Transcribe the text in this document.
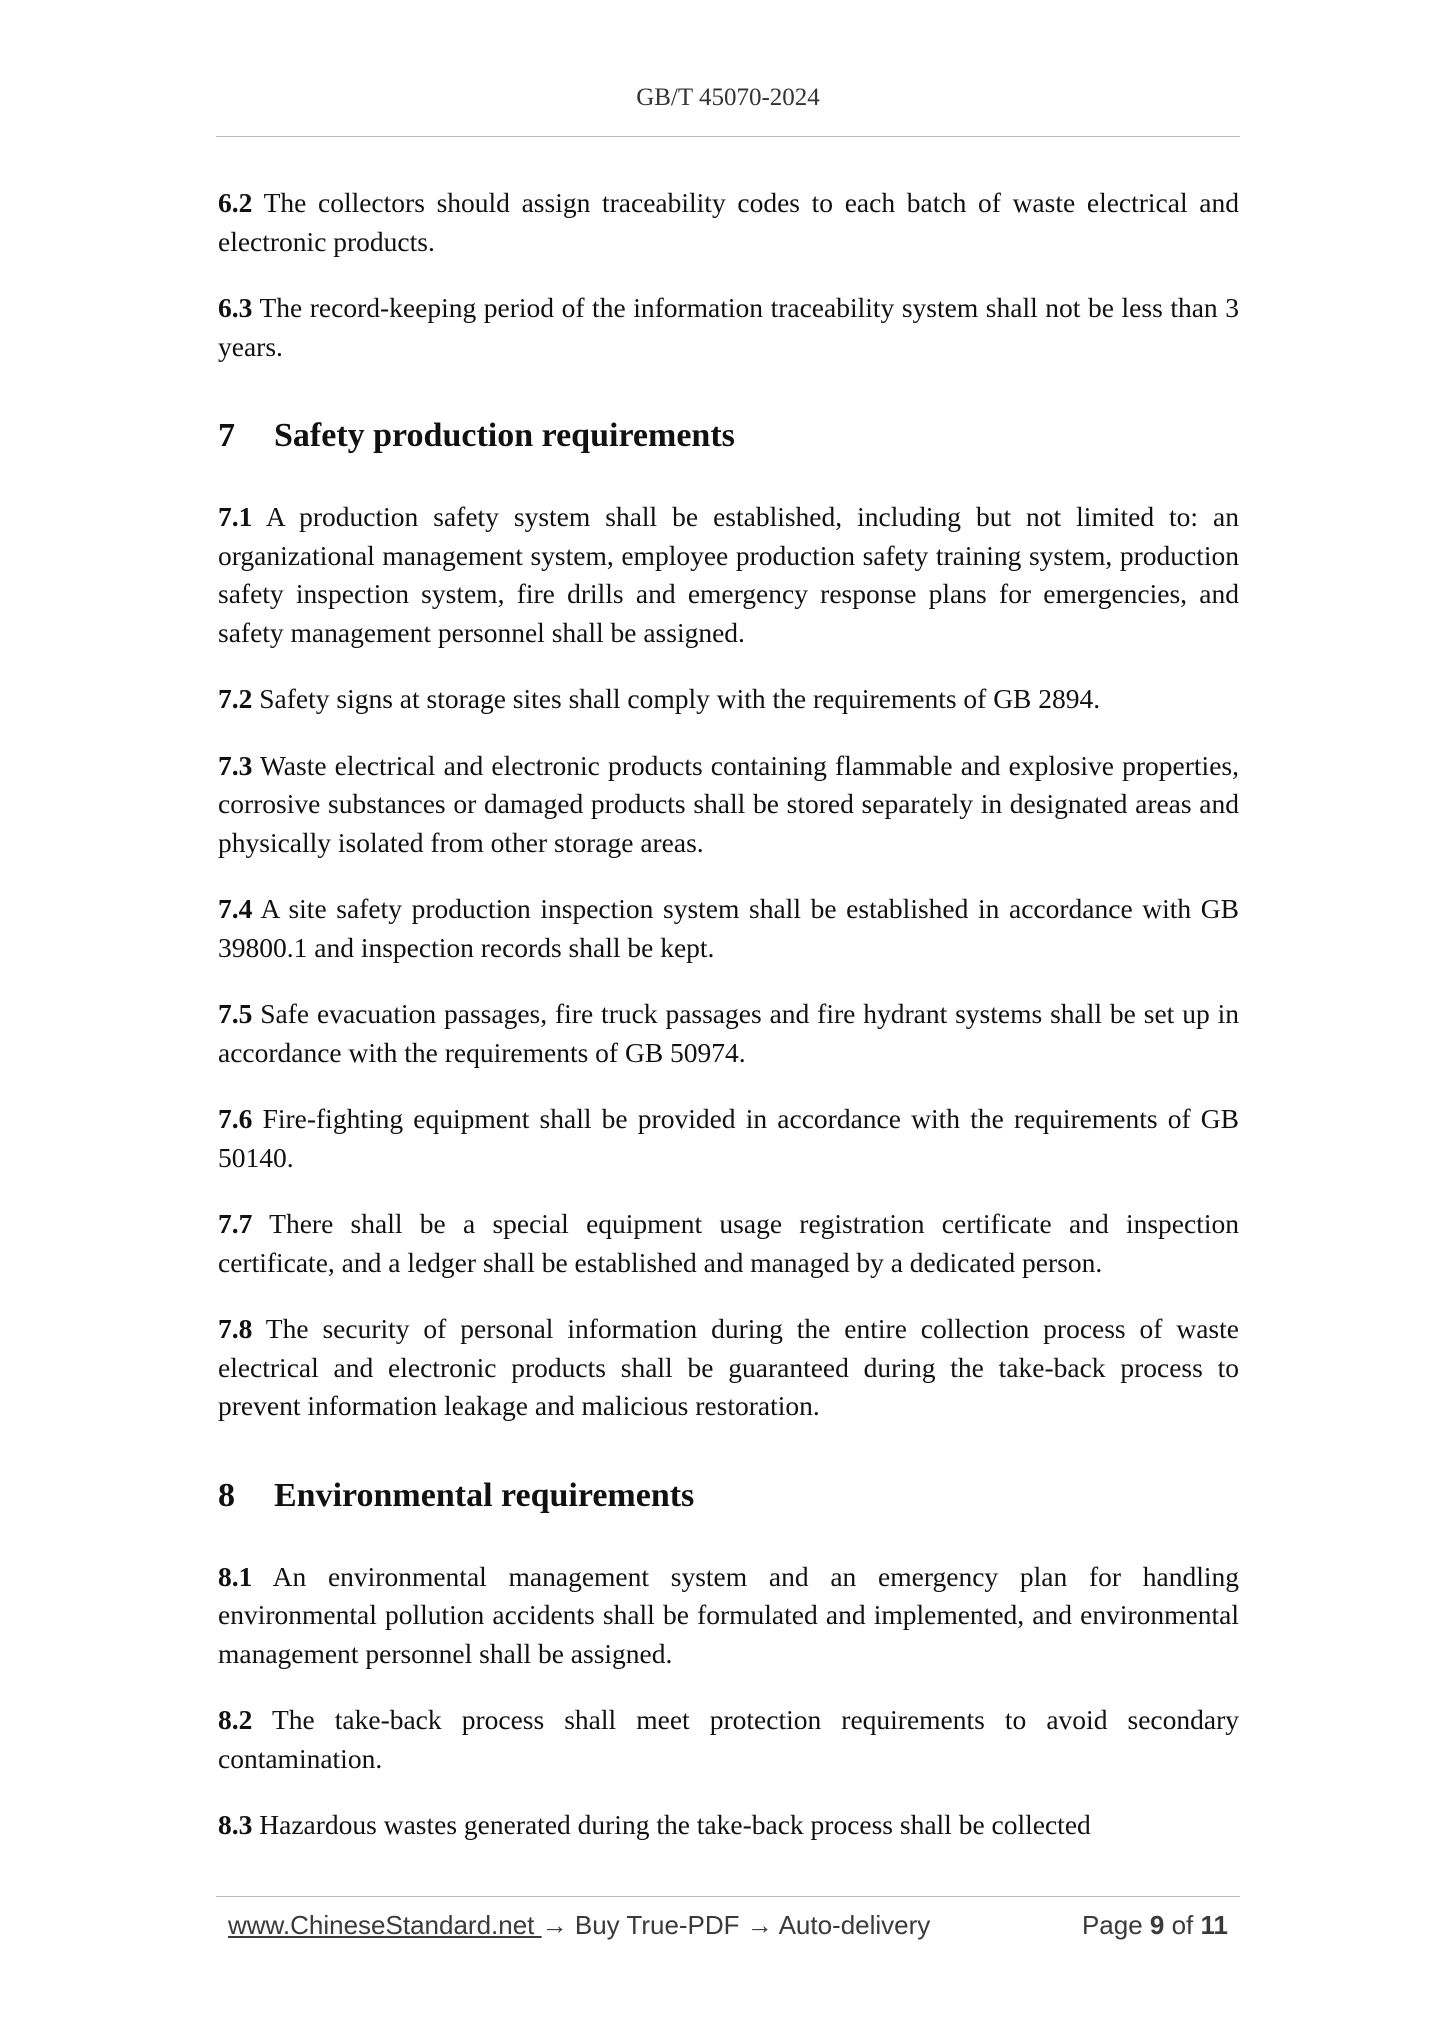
GB/T 45070-2024

6.2 The collectors should assign traceability codes to each batch of waste electrical and electronic products.

6.3 The record-keeping period of the information traceability system shall not be less than 3 years.

7 Safety production requirements

7.1 A production safety system shall be established, including but not limited to: an organizational management system, employee production safety training system, production safety inspection system, fire drills and emergency response plans for emergencies, and safety management personnel shall be assigned.

7.2 Safety signs at storage sites shall comply with the requirements of GB 2894.

7.3 Waste electrical and electronic products containing flammable and explosive properties, corrosive substances or damaged products shall be stored separately in designated areas and physically isolated from other storage areas.

7.4 A site safety production inspection system shall be established in accordance with GB 39800.1 and inspection records shall be kept.

7.5 Safe evacuation passages, fire truck passages and fire hydrant systems shall be set up in accordance with the requirements of GB 50974.

7.6 Fire-fighting equipment shall be provided in accordance with the requirements of GB 50140.

7.7 There shall be a special equipment usage registration certificate and inspection certificate, and a ledger shall be established and managed by a dedicated person.

7.8 The security of personal information during the entire collection process of waste electrical and electronic products shall be guaranteed during the take-back process to prevent information leakage and malicious restoration.

8 Environmental requirements

8.1 An environmental management system and an emergency plan for handling environmental pollution accidents shall be formulated and implemented, and environmental management personnel shall be assigned.

8.2 The take-back process shall meet protection requirements to avoid secondary contamination.

8.3 Hazardous wastes generated during the take-back process shall be collected

www.ChineseStandard.net → Buy True-PDF → Auto-delivery	Page 9 of 11
